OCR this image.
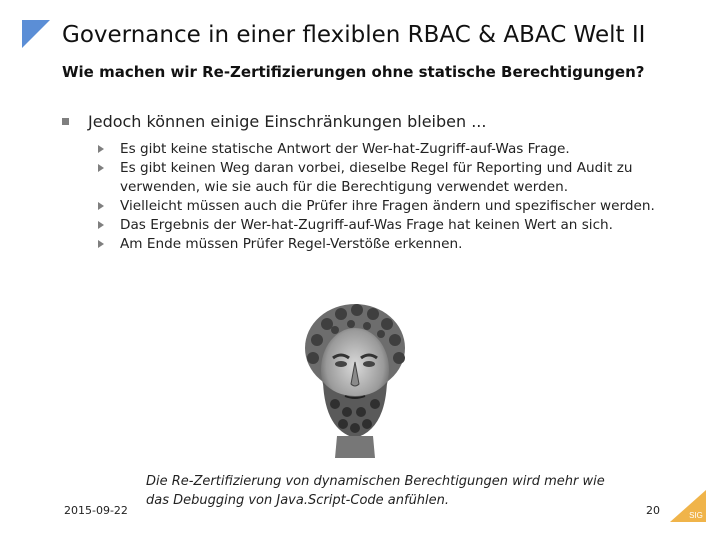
Governance in einer flexiblen RBAC & ABAC Welt II
Wie machen wir Re-Zertifizierungen ohne statische Berechtigungen?
Jedoch können einige Einschränkungen bleiben ...
Es gibt keine statische Antwort der Wer-hat-Zugriff-auf-Was Frage.
Es gibt keinen Weg daran vorbei, dieselbe Regel für Reporting und Audit zu verwenden, wie sie auch für die Berechtigung verwendet werden.
Vielleicht müssen auch die Prüfer ihre Fragen ändern und spezifischer werden.
Das Ergebnis der Wer-hat-Zugriff-auf-Was Frage hat keinen Wert an sich.
Am Ende müssen Prüfer Regel-Verstöße erkennen.
Die Re-Zertifizierung von dynamischen Berechtigungen wird mehr wie das Debugging von Java.Script-Code anfühlen.
2015-09-22	20	SIG
